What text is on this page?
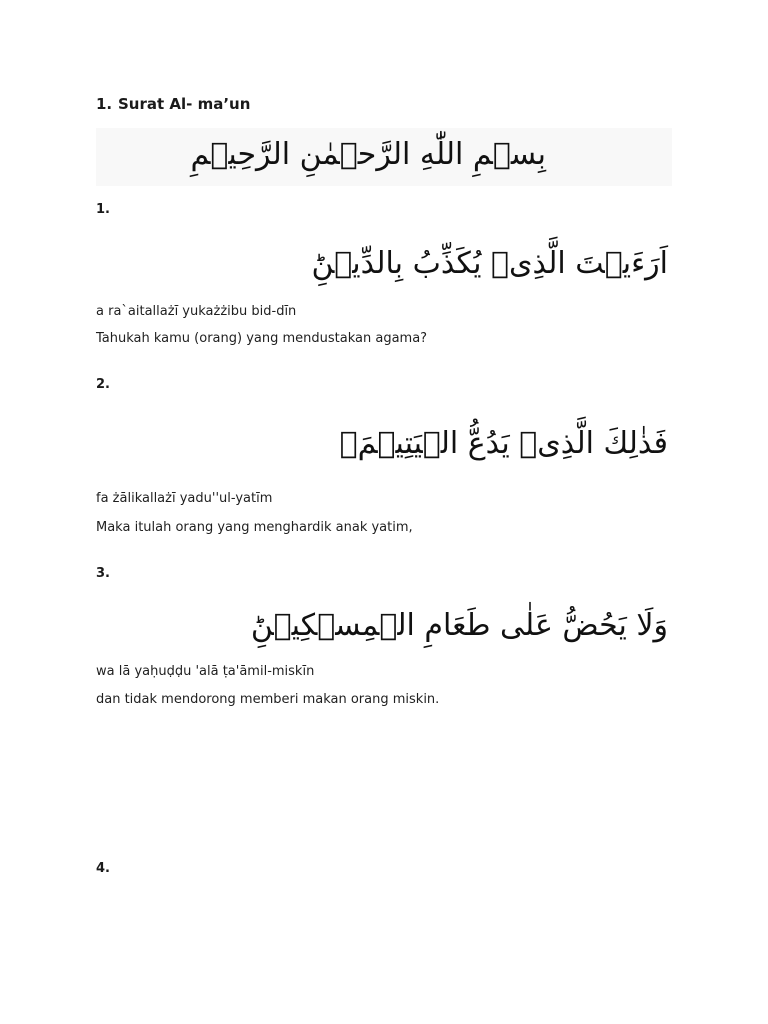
1. Surat Al- ma’un
بِسۡمِ اللّٰهِ الرَّحۡمٰنِ الرَّحِيۡمِ
1.
اَرَءَيۡتَ الَّذِىۡ يُكَذِّبُ بِالدِّيۡنِؕ
a ra`aitallażī yukażżibu bid-dīn
Tahukah kamu (orang) yang mendustakan agama?
2.
فَذٰلِكَ الَّذِىۡ يَدُعُّ الۡيَتِيۡمَۙ
fa żālikallażī yadu''ul-yatīm
Maka itulah orang yang menghardik anak yatim,
3.
وَلَا يَحُضُّ عَلٰى طَعَامِ الۡمِسۡكِيۡنِؕ
wa lā yaḥuḍḍu 'alā ṭa'āmil-miskīn
dan tidak mendorong memberi makan orang miskin.
4.
